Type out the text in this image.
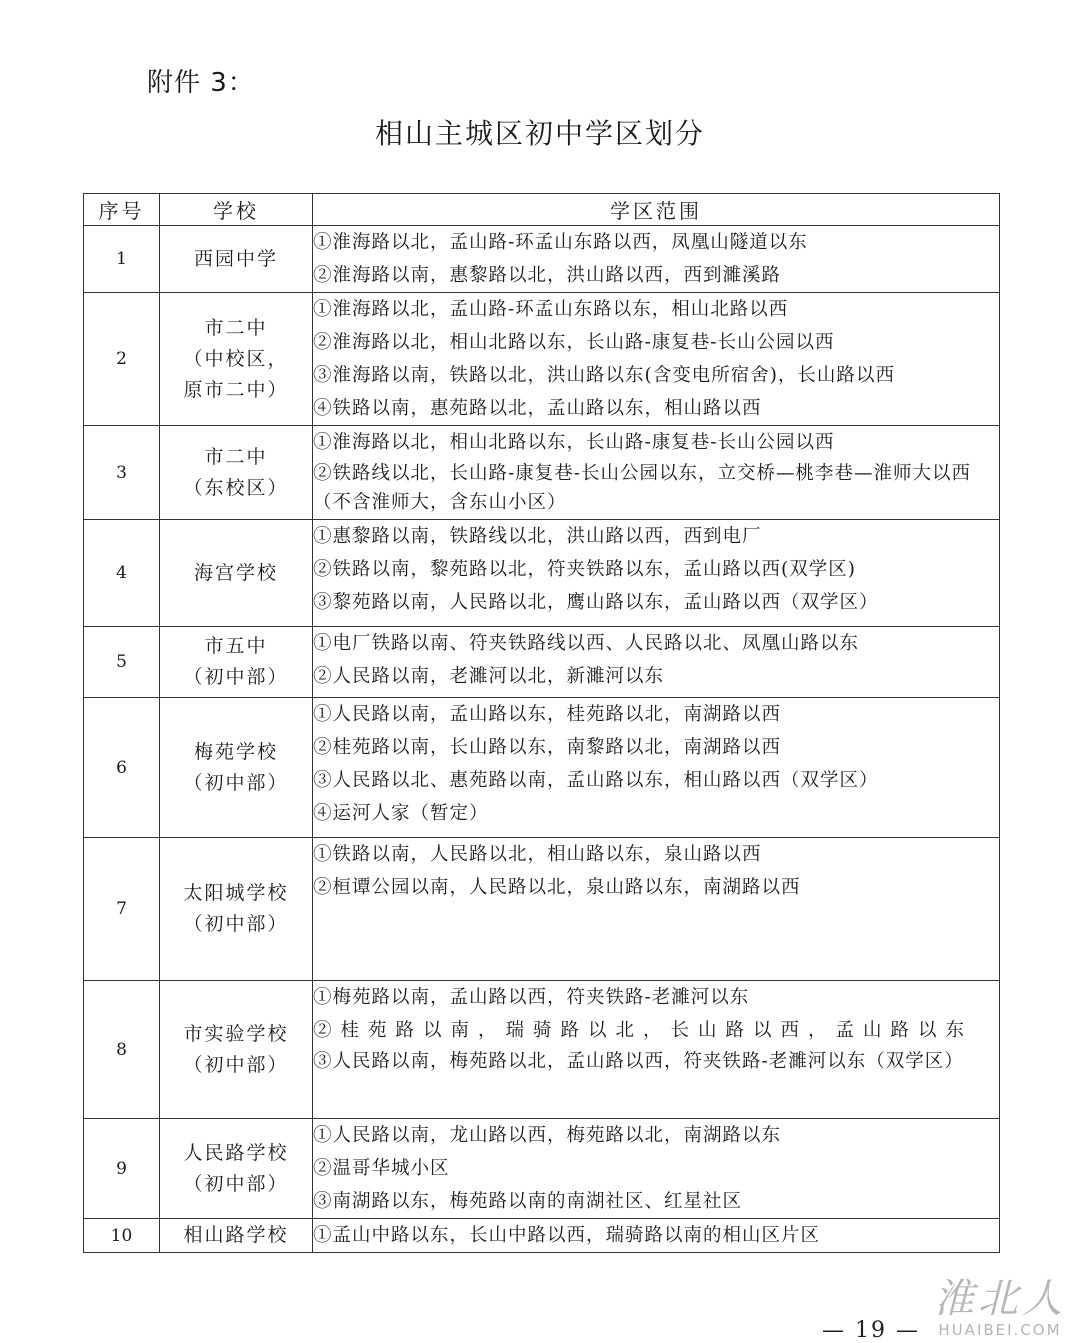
附件 3：
相山主城区初中学区划分
序号	学校	学区范围
1	西园中学	①淮海路以北，孟山路-环孟山东路以西，凤凰山隧道以东
②淮海路以南，惠黎路以北，洪山路以西，西到濉溪路

2	市二中
（中校区，
原市二中）	①淮海路以北，孟山路-环孟山东路以东，相山北路以西
②淮海路以北，相山北路以东，长山路-康复巷-长山公园以西
③淮海路以南，铁路以北，洪山路以东(含变电所宿舍)，长山路以西
④铁路以南，惠苑路以北，孟山路以东，相山路以西

3	市二中
（东校区）	①淮海路以北，相山北路以东，长山路-康复巷-长山公园以西
②铁路线以北，长山路-康复巷-长山公园以东，立交桥—桃李巷—淮师大以西（不含淮师大，含东山小区）

4	海宫学校	①惠黎路以南，铁路线以北，洪山路以西，西到电厂
②铁路以南，黎苑路以北，符夹铁路以东，孟山路以西(双学区)
③黎苑路以南，人民路以北，鹰山路以东，孟山路以西（双学区）

5	市五中
（初中部）	①电厂铁路以南、符夹铁路线以西、人民路以北、凤凰山路以东
②人民路以南，老濉河以北，新濉河以东

6	梅苑学校
（初中部）	①人民路以南，孟山路以东，桂苑路以北，南湖路以西
②桂苑路以南，长山路以东，南黎路以北，南湖路以西
③人民路以北、惠苑路以南，孟山路以东，相山路以西（双学区）
④运河人家（暂定）

7	太阳城学校
（初中部）	①铁路以南，人民路以北，相山路以东，泉山路以西
②桓谭公园以南，人民路以北，泉山路以东，南湖路以西

8	市实验学校
（初中部）	①梅苑路以南，孟山路以西，符夹铁路-老濉河以东
②桂苑路以南，瑞骑路以北，长山路以西，孟山路以东
③人民路以南，梅苑路以北，孟山路以西，符夹铁路-老濉河以东（双学区）

9	人民路学校
（初中部）	①人民路以南，龙山路以西，梅苑路以北，南湖路以东
②温哥华城小区
③南湖路以东，梅苑路以南的南湖社区、红星社区

10	相山路学校	①孟山中路以东，长山中路以西，瑞骑路以南的相山区片区
— 19 —
淮北人
HUAIBEI.COM
